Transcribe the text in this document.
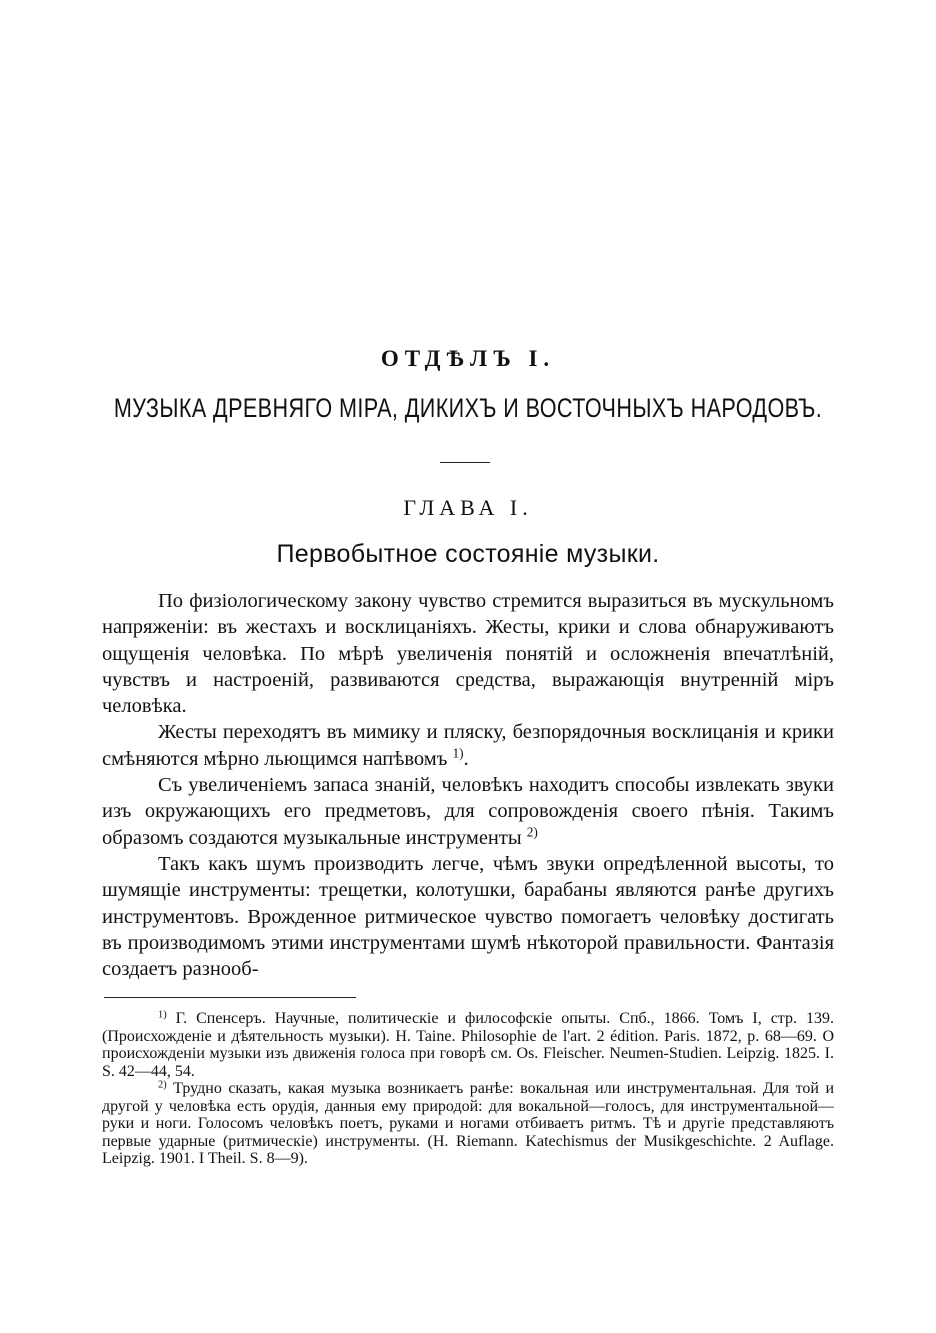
ОТДѢЛЪ I.
МУЗЫКА ДРЕВНЯГО МIРА, ДИКИХЪ И ВОСТОЧНЫХЪ НАРОДОВЪ.
ГЛАВА I.
Первобытное состоянiе музыки.

По физiологическому закону чувство стремится выразиться въ мускульномъ напряженiи: въ жестахъ и восклицанiяхъ. Жесты, крики и слова обнаруживаютъ ощущенiя человѣка. По мѣрѣ увеличенiя понятiй и осложненiя впечатлѣнiй, чувствъ и настроенiй, развиваются средства, выражающiя внутреннiй мiръ человѣка.

Жесты переходятъ въ мимику и пляску, безпорядочныя восклицанiя и крики смѣняются мѣрно льющимся напѣвомъ $^{1)}$.

Съ увеличенiемъ запаса знанiй, человѣкъ находитъ способы извлекать звуки изъ окружающихъ его предметовъ, для сопровожденiя своего пѣнiя. Такимъ образомъ создаются музыкальные инструменты $^{2)}$

Такъ какъ шумъ производить легче, чѣмъ звуки опредѣленной высоты, то шумящiе инструменты: трещетки, колотушки, барабаны являются ранѣе другихъ инструментовъ. Врожденное ритмическое чувство помогаетъ человѣку достигать въ производимомъ этими инструментами шумѣ нѣкоторой правильности. Фантазiя создаетъ разнооб-

$^{1)}$ Г. Спенсеръ. Научные, политическiе и философскiе опыты. Спб., 1866. Томъ I, стр. 139. (Происхожденiе и дѣятельность музыки). H. Taine. Philosophie de l'art. 2 édition. Paris. 1872, p. 68—69. О происхожденiи музыки изъ движенiя голоса при говорѣ см. Os. Fleischer. Neumen-Studien. Leipzig. 1825. I. S. 42—44, 54.

$^{2)}$ Трудно сказать, какая музыка возникаетъ ранѣе: вокальная или инструментальная. Для той и другой у человѣка есть орудiя, данныя ему природой: для вокальной—голосъ, для инструментальной—руки и ноги. Голосомъ человѣкъ поетъ, руками и ногами отбиваетъ ритмъ. Тѣ и другiе представляютъ первые ударные (ритмическiе) инструменты. (H. Riemann. Katechismus der Musikgeschichte. 2 Auflage. Leipzig. 1901. I Theil. S. 8—9).
